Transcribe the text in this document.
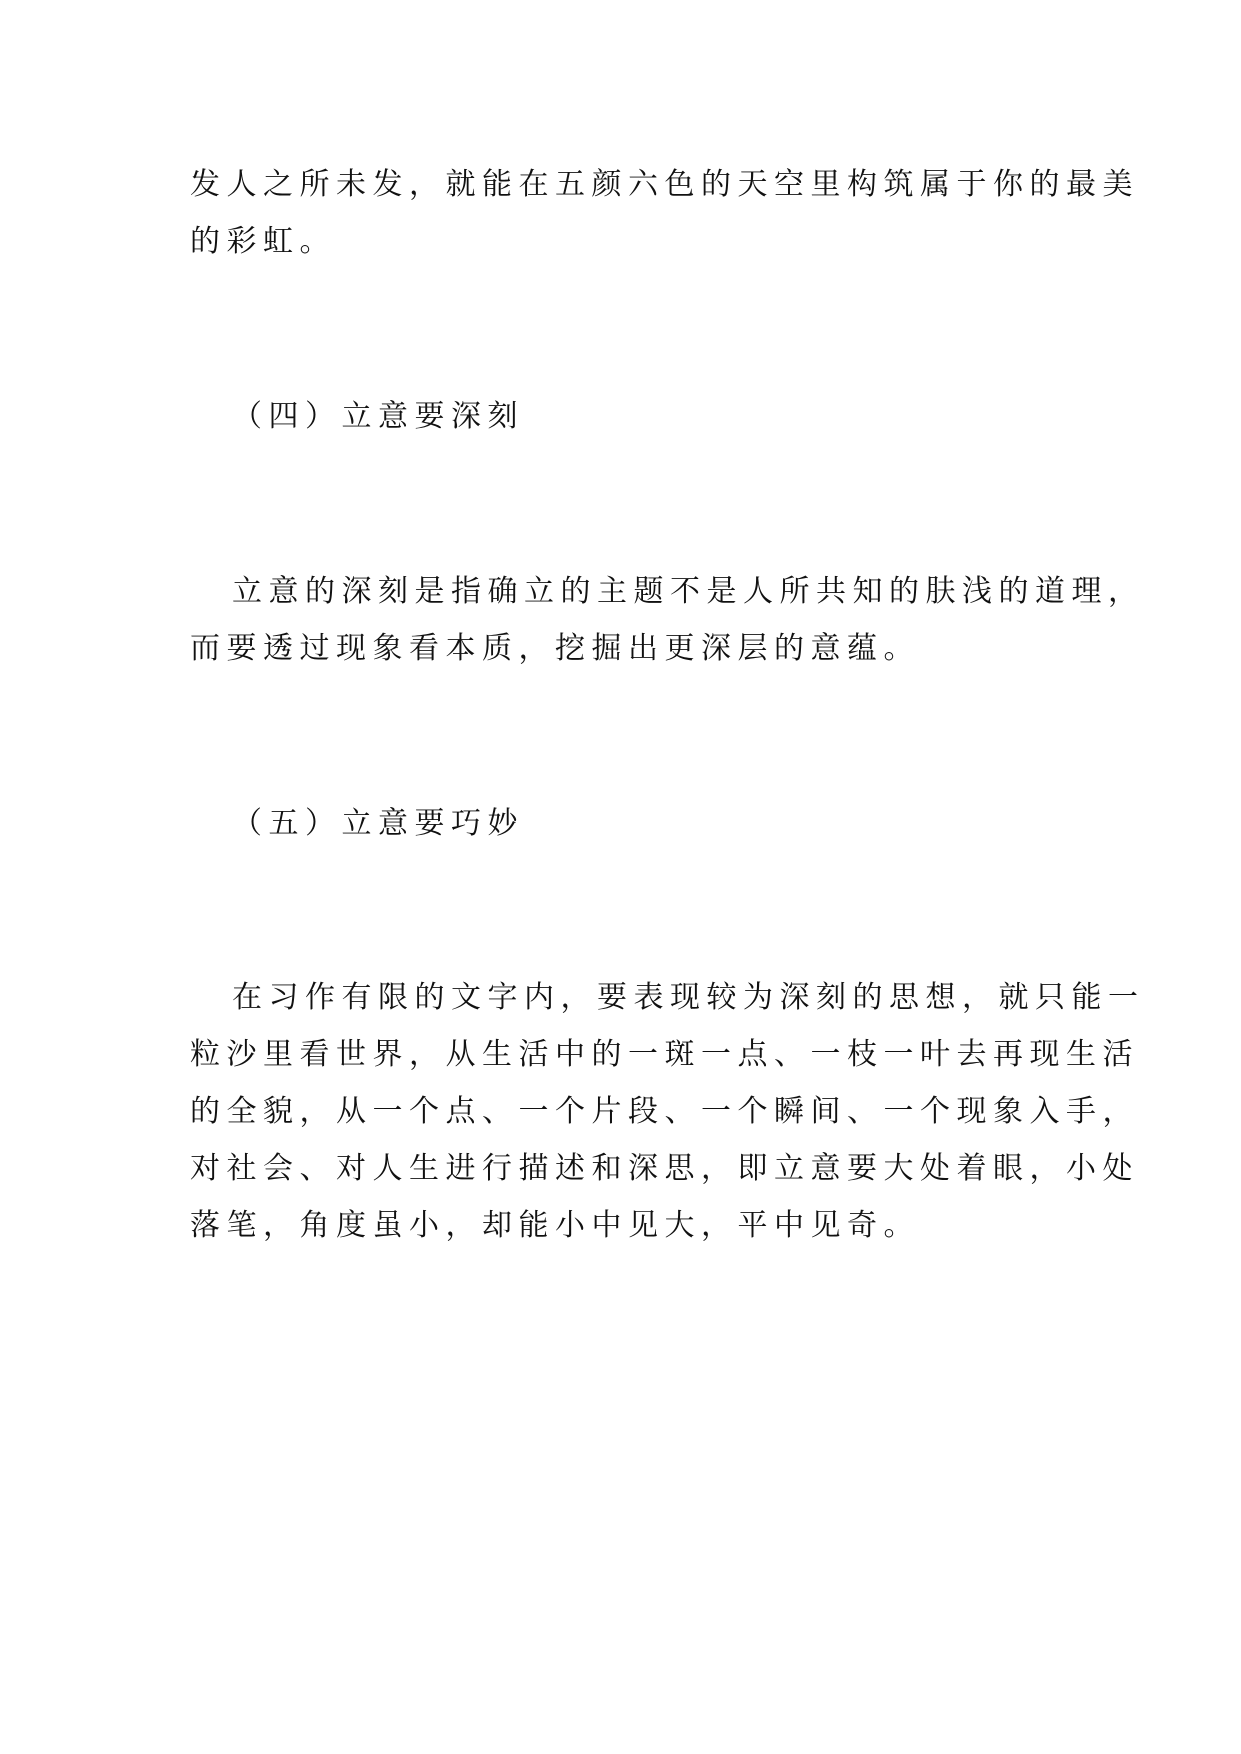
发人之所未发，就能在五颜六色的天空里构筑属于你的最美
的彩虹。
（四）立意要深刻
立意的深刻是指确立的主题不是人所共知的肤浅的道理，
而要透过现象看本质，挖掘出更深层的意蕴。
（五）立意要巧妙
在习作有限的文字内，要表现较为深刻的思想，就只能一
粒沙里看世界，从生活中的一斑一点、一枝一叶去再现生活
的全貌，从一个点、一个片段、一个瞬间、一个现象入手，
对社会、对人生进行描述和深思，即立意要大处着眼，小处
落笔，角度虽小，却能小中见大，平中见奇。
